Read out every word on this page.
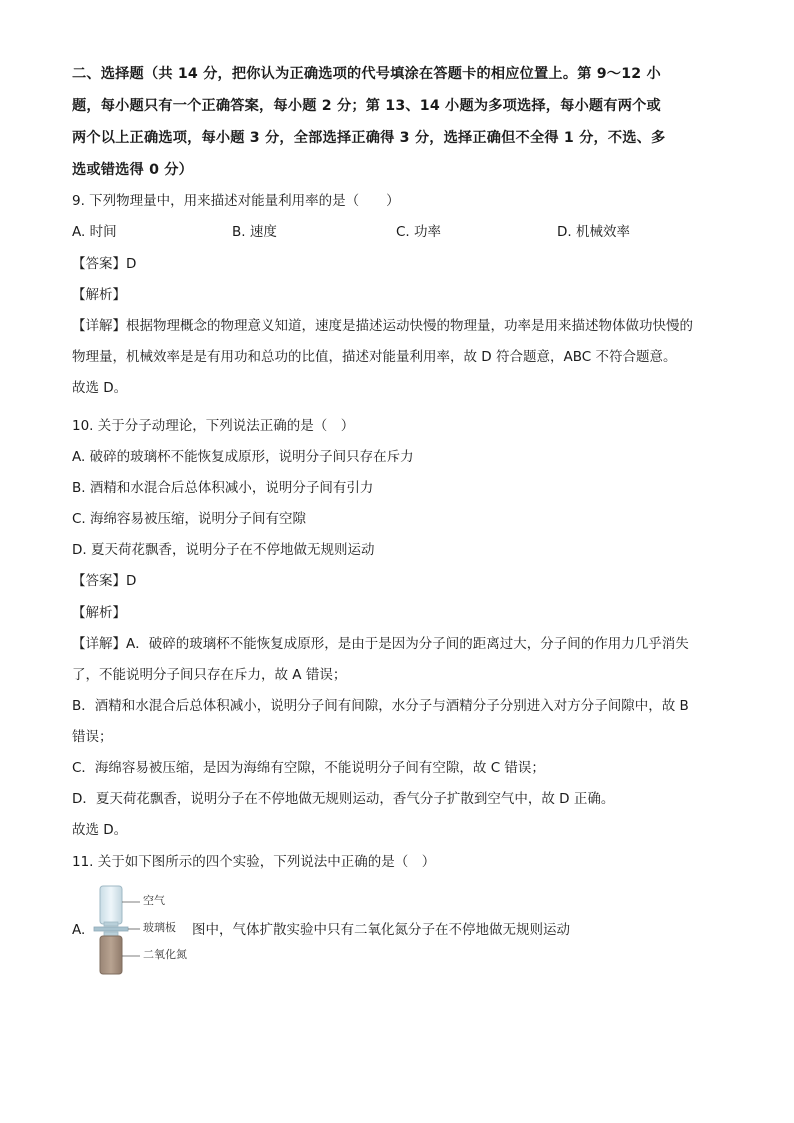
二、选择题（共 14 分，把你认为正确选项的代号填涂在答题卡的相应位置上。第 9～12 小
题，每小题只有一个正确答案，每小题 2 分；第 13、14 小题为多项选择，每小题有两个或
两个以上正确选项，每小题 3 分，全部选择正确得 3 分，选择正确但不全得 1 分，不选、多
选或错选得 0 分）
9. 下列物理量中，用来描述对能量利用率的是（　　）
A. 时间	B. 速度	C. 功率	D. 机械效率
【答案】D
【解析】
【详解】根据物理概念的物理意义知道，速度是描述运动快慢的物理量，功率是用来描述物体做功快慢的
物理量，机械效率是是有用功和总功的比值，描述对能量利用率，故 D 符合题意，ABC 不符合题意。
故选 D。
10. 关于分子动理论，下列说法正确的是（　）
A. 破碎的玻璃杯不能恢复成原形，说明分子间只存在斥力
B. 酒精和水混合后总体积减小，说明分子间有引力
C. 海绵容易被压缩，说明分子间有空隙
D. 夏天荷花飘香，说明分子在不停地做无规则运动
【答案】D
【解析】
【详解】A．破碎的玻璃杯不能恢复成原形，是由于是因为分子间的距离过大，分子间的作用力几乎消失
了，不能说明分子间只存在斥力，故 A 错误；
B．酒精和水混合后总体积减小，说明分子间有间隙，水分子与酒精分子分别进入对方分子间隙中，故 B
错误；
C．海绵容易被压缩，是因为海绵有空隙，不能说明分子间有空隙，故 C 错误；
D．夏天荷花飘香，说明分子在不停地做无规则运动，香气分子扩散到空气中，故 D 正确。
故选 D。
11. 关于如下图所示的四个实验，下列说法中正确的是（　）
A.
空气
玻璃板
二氧化氮
图中，气体扩散实验中只有二氧化氮分子在不停地做无规则运动
